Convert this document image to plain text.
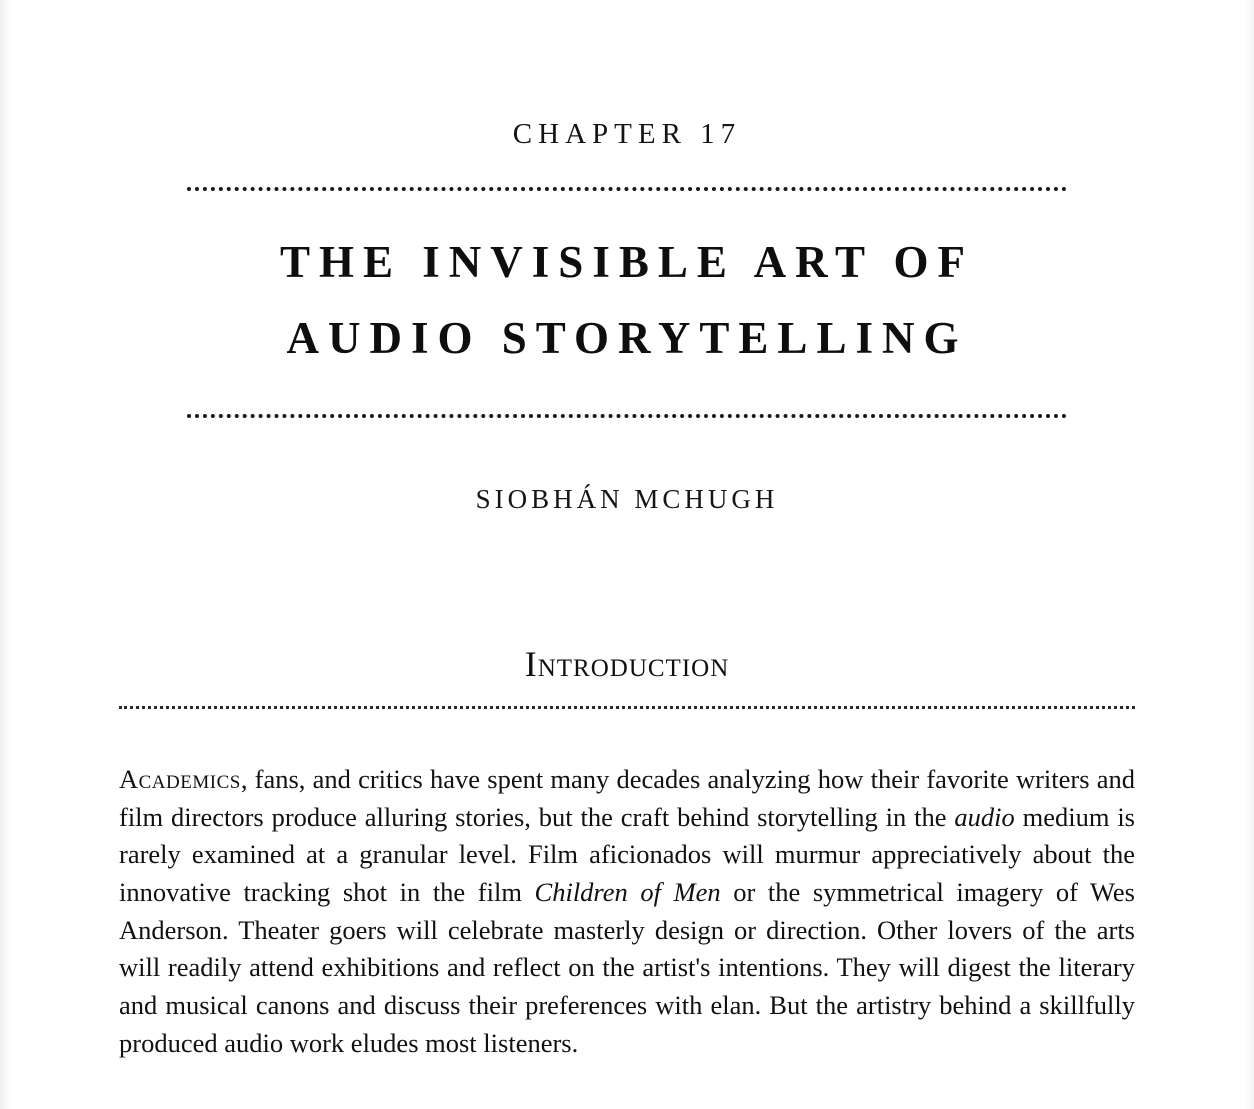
CHAPTER 17
THE INVISIBLE ART OF
AUDIO STORYTELLING
SIOBHÁN MCHUGH
Introduction

Academics, fans, and critics have spent many decades analyzing how their favorite writers and film directors produce alluring stories, but the craft behind storytelling in the audio medium is rarely examined at a granular level. Film aficionados will murmur appreciatively about the innovative tracking shot in the film Children of Men or the symmetrical imagery of Wes Anderson. Theater goers will celebrate masterly design or direction. Other lovers of the arts will readily attend exhibitions and reflect on the artist's intentions. They will digest the literary and musical canons and discuss their preferences with elan. But the artistry behind a skillfully produced audio work eludes most listeners.
